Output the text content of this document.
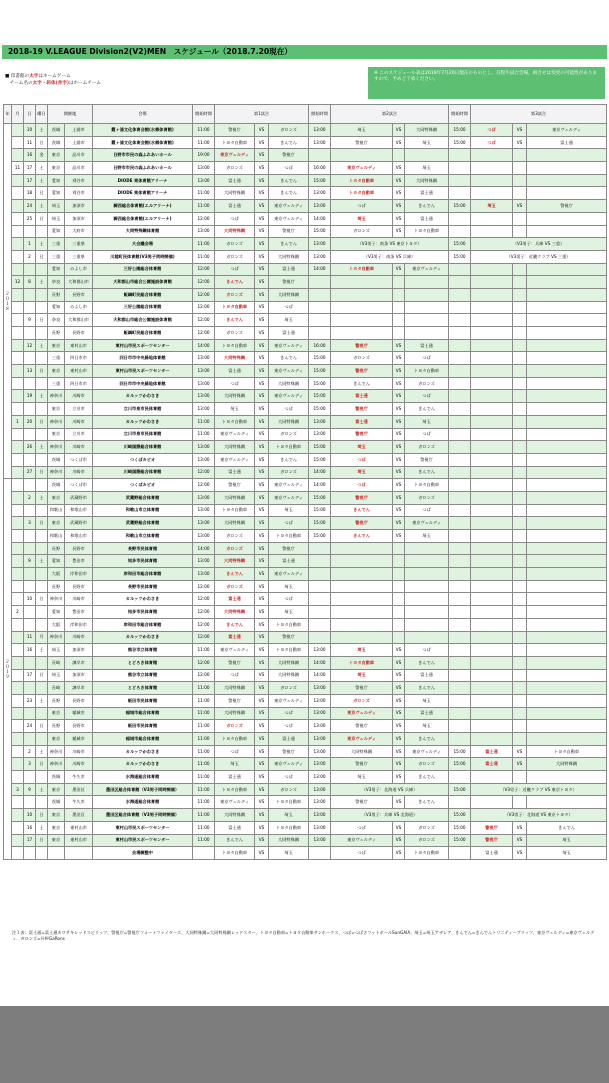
2018-19 V.LEAGUE Division2(V2)MEN　スケジュール（2018.7.20現在）
■ 印書館の太字はホームゲーム
　チーム名の太字・斜体(赤字)はホームチーム
※ このスケジュール表は2018年7月20日現在のものとし、日程や試合会場、組合せは変更の可能性がありますので、予めご了承ください。
年	月	日	曜日	開催地		会場	開始時間	第1試合			開始時間	第2試合			開始時間	第3試合		
２０１８		10	土	茨城	土浦市	霞ヶ浦文化体育会館(水郷体育館)	11:00	警視庁	VS	ガロンズ	13:00	埼玉	VS	大同特殊鋼	15:00	つば	VS	東京ヴェルディ
		11	日	茨城	土浦市	霞ヶ浦文化体育会館(水郷体育館)	11:00	トヨタ自動車	VS	きんでん	13:00	警視庁	VS	埼玉	15:00	つば	VS	富士通
		16	金	東京	品川市	日野市市民の森ふれあいホール	19:00	東京ヴェルディ	VS	警視庁								
	11	17	土	東京	品川市	日野市市民の森ふれあいホール	13:00	ガロンズ	VS	つば	16:00	東京ヴェルディ	VS	埼玉				
		17	土	愛知	刈谷市	DIODE 東体育館アリーナ	13:00	富士通	VS	きんでん	15:00	トヨタ自動車	VS	大同特殊鋼				
		18	日	愛知	刈谷市	DIODE 東体育館アリーナ	11:00	大同特殊鋼	VS	きんでん	13:00	トヨタ自動車	VS	富士通				
		24	土	埼玉	加須市	騎西総合体育館(エルアリーナ)	11:00	富士通	VS	東京ヴェルディ	13:00	つば	VS	きんでん	15:00	埼玉	VS	警視庁
		25	日	埼玉	加須市	騎西総合体育館(エルアリーナ)	12:00	つば	VS	東京ヴェルディ	14:00	埼玉	VS	富士通				
				愛知	大府市	大同特殊鋼体育館	13:00	大同特殊鋼	VS	警視庁	15:00	ガロンズ	VS	トヨタ自動車				
		1	土	三重	三重県	大会議会場	11:00	ガロンズ	VS	きんでん	13:00	（V3男子：南条 VS 東京トヨタ）			15:00	（V3男子：兵庫 VS 三重）		
		2	日	三重	三重県	川越町民体育館(V3男子同時開催)	11:00	ガロンズ	VS	大同特殊鋼	13:00	（V3男子：南条 VS 兵庫）			15:00	（V3男子：近畿クラブ VS 三重）		
				愛知	みよし市	三好公園総合体育館	12:00	つば	VS	富士通	14:00	トヨタ自動車	VS	東京ヴェルディ				
	12	8	土	奈良	大和郡山市	大和郡山市総合公園施設体育館	12:00	きんでん	VS	警視庁								
				長野	長野市	飯綱町民総合体育館	12:00	ガロンズ	VS	大同特殊鋼								
				愛知	みよし市	三好公園総合体育館	12:00	トヨタ自動車	VS	つば								
		9	日	奈良	大和郡山市	大和郡山市総合公園施設体育館	12:00	きんでん	VS	埼玉								
				長野	長野市	飯綱町民総合体育館	12:00	ガロンズ	VS	富士通								
		12	土	東京	東村山市	東村山市民スポーツセンター	14:00	トヨタ自動車	VS	東京ヴェルディ	16:00	警視庁	VS	富士通				
				三重	四日市市	四日市市中央緑地体育館	13:00	大同特殊鋼	VS	きんでん	15:00	ガロンズ	VS	つば				
		13	日	東京	東村山市	東村山市民スポーツセンター	13:00	富士通	VS	東京ヴェルディ	15:00	警視庁	VS	トヨタ自動車				
				三重	四日市市	四日市市中央緑地体育館	13:00	つば	VS	大同特殊鋼	15:00	きんでん	VS	ガロンズ				
		19	土	神奈川	川崎市	カルッツかわさき	13:00	大同特殊鋼	VS	東京ヴェルディ	15:00	富士通	VS	つば				
				東京	立川市	立川市泉市民体育館	13:00	埼玉	VS	つば	15:00	警視庁	VS	きんでん				
	1	20	日	神奈川	川崎市	カルッツかわさき	11:00	トヨタ自動車	VS	大同特殊鋼	13:00	富士通	VS	埼玉				
				東京	立川市	立川市泉市民体育館	11:00	東京ヴェルディ	VS	ガロンズ	13:00	警視庁	VS	つば				
		26	土	神奈川	川崎市	川崎国際総合体育館	13:00	大同特殊鋼	VS	トヨタ自動車	15:00	埼玉	VS	ガロンズ				
				茨城	つくば市	つくばカピオ	13:00	東京ヴェルディ	VS	きんでん	15:00	つば	VS	警視庁				
		27	日	神奈川	川崎市	川崎国際総合体育館	12:00	富士通	VS	ガロンズ	14:00	埼玉	VS	きんでん				
２０１９				茨城	つくば市	つくばカピオ	12:00	警視庁	VS	東京ヴェルディ	14:00	つば	VS	トヨタ自動車				
		2	土	東京	武蔵野市	武蔵野総合体育館	13:00	大同特殊鋼	VS	東京ヴェルディ	15:00	警視庁	VS	ガロンズ				
				和歌山	和歌山市	和歌山市立体育館	13:00	トヨタ自動車	VS	埼玉	15:00	きんでん	VS	つば				
		3	日	東京	武蔵野市	武蔵野総合体育館	13:00	大同特殊鋼	VS	つば	15:00	警視庁	VS	東京ヴェルディ				
				和歌山	和歌山市	和歌山市立体育館	13:00	ガロンズ	VS	トヨタ自動車	15:00	きんでん	VS	埼玉				
				長野	長野市	長野市民体育館	14:00	ガロンズ	VS	警視庁								
		9	土	愛知	豊田市	知多市民体育館	13:00	大同特殊鋼	VS	富士通								
				大阪	岸和田市	岸和田市総合体育館	13:00	きんでん	VS	東京ヴェルディ								
				長野	長野市	長野市民体育館	12:00	ガロンズ	VS	埼玉								
		10	日	神奈川	川崎市	カルッツかわさき	12:00	富士通	VS	つば								
	2			愛知	豊田市	知多市民体育館	12:00	大同特殊鋼	VS	埼玉								
				大阪	岸和田市	岸和田市総合体育館	12:00	きんでん	VS	トヨタ自動車								
		11	月	神奈川	川崎市	カルッツかわさき	12:00	富士通	VS	警視庁								
		16	土	埼玉	加須市	熊谷市立体育館	11:00	東京ヴェルディ	VS	トヨタ自動車	13:00	埼玉	VS	つば				
				長崎	諫早市	とどろき体育館	12:00	警視庁	VS	大同特殊鋼	14:00	トヨタ自動車	VS	きんでん				
		17	日	埼玉	加須市	熊谷市立体育館	12:00	つば	VS	大同特殊鋼	14:00	埼玉	VS	富士通				
				長崎	諫早市	とどろき体育館	11:00	大同特殊鋼	VS	ガロンズ	13:00	警視庁	VS	きんでん				
		23	土	長野	長野市	飯田市民体育館	11:00	警視庁	VS	東京ヴェルディ	13:00	ガロンズ	VS	埼玉				
				東京	稲城市	稲城市総合体育館	11:00	大同特殊鋼	VS	つば	13:00	東京ヴェルディ	VS	富士通				
		24	日	長野	長野市	飯田市民体育館	11:00	ガロンズ	VS	つば	13:00	警視庁	VS	埼玉				
				東京	稲城市	稲城市総合体育館	11:00	トヨタ自動車	VS	富士通	13:00	東京ヴェルディ	VS	きんでん				
		2	土	神奈川	川崎市	カルッツかわさき	11:00	つば	VS	警視庁	13:00	大同特殊鋼	VS	東京ヴェルディ	15:00	富士通	VS	トヨタ自動車
		3	日	神奈川	川崎市	カルッツかわさき	11:00	埼玉	VS	東京ヴェルディ	13:00	警視庁	VS	ガロンズ	15:00	富士通	VS	大同特殊鋼
				茨城	牛久市	水海道総合体育館	11:00	富士通	VS	つば	13:00	埼玉	VS	きんでん				
	3	9	土	東京	墨田区	墨田区総合体育館（V3男子同時開催）	11:00	トヨタ自動車	VS	ガロンズ	13:00	（V3男子：北海道 VS 兵庫）			15:00	（V3男子：近畿クラブ VS 東京トヨタ）		
				茨城	牛久市	水海道総合体育館	11:00	東京ヴェルディ	VS	トヨタ自動車	13:00	警視庁	VS	きんでん				
		10	日	東京	墨田区	墨田区総合体育館（V3男子同時開催）	11:00	大同特殊鋼	VS	埼玉	13:00	（V3男子：兵庫 VS 北海道）			15:00	（V3男子：北海道 VS 東京トヨタ）		
		16	土	東京	東村山市	東村山市民スポーツセンター	11:00	富士通	VS	トヨタ自動車	13:00	つば	VS	ガロンズ	15:00	警視庁	VS	きんでん
		17	日	東京	東村山市	東村山市民スポーツセンター	11:00	きんでん	VS	大同特殊鋼	13:00	東京ヴェルディ	VS	ガロンズ	15:00	警視庁	VS	埼玉
						会場調整中		トヨタ自動車	VS	埼玉		つば	VS	トヨタ自動車		富士通	VS	埼玉
注１表：富士通=富士通カワサキレッドスピリッツ、警視庁=警視庁フォートファイターズ、大同特殊鋼=大同特殊鋼レッドスター、トヨタ自動車=トヨタ自動車サンホークス、つば=つばさフットボールSunGAIA、埼玉=埼玉アザレア、きんでん=きんでんトリニティーブリッツ、東京ヴェルディ=東京ヴェルディ、ガロンズ=長野GaRons
